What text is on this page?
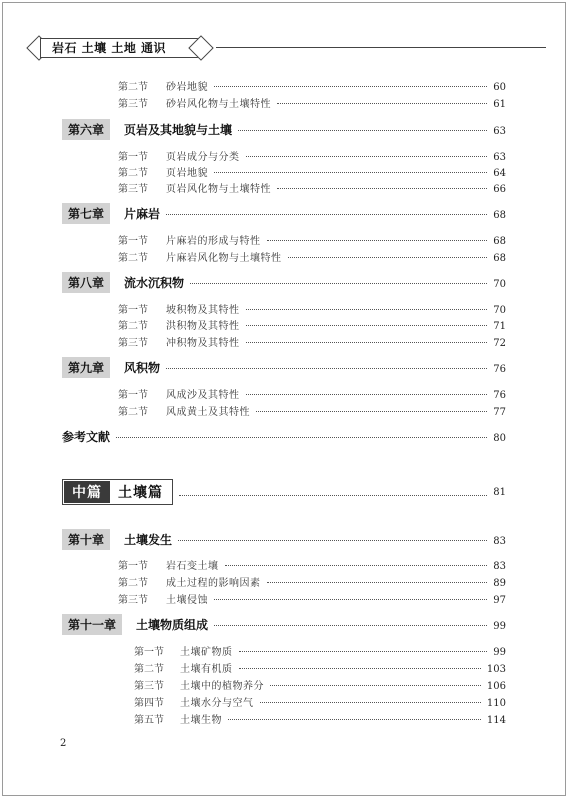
岩石 土壤 土地 通识
第二节	砂岩地貌	60
第三节	砂岩风化物与土壤特性	61
第六章	页岩及其地貌与土壤	63
第一节	页岩成分与分类	63
第二节	页岩地貌	64
第三节	页岩风化物与土壤特性	66
第七章	片麻岩	68
第一节	片麻岩的形成与特性	68
第二节	片麻岩风化物与土壤特性	68
第八章	流水沉积物	70
第一节	坡积物及其特性	70
第二节	洪积物及其特性	71
第三节	冲积物及其特性	72
第九章	风积物	76
第一节	风成沙及其特性	76
第二节	风成黄土及其特性	77
参考文献	80
中篇	土壤篇	81
第十章	土壤发生	83
第一节	岩石变土壤	83
第二节	成土过程的影响因素	89
第三节	土壤侵蚀	97
第十一章	土壤物质组成	99
第一节	土壤矿物质	99
第二节	土壤有机质	103
第三节	土壤中的植物养分	106
第四节	土壤水分与空气	110
第五节	土壤生物	114
2
